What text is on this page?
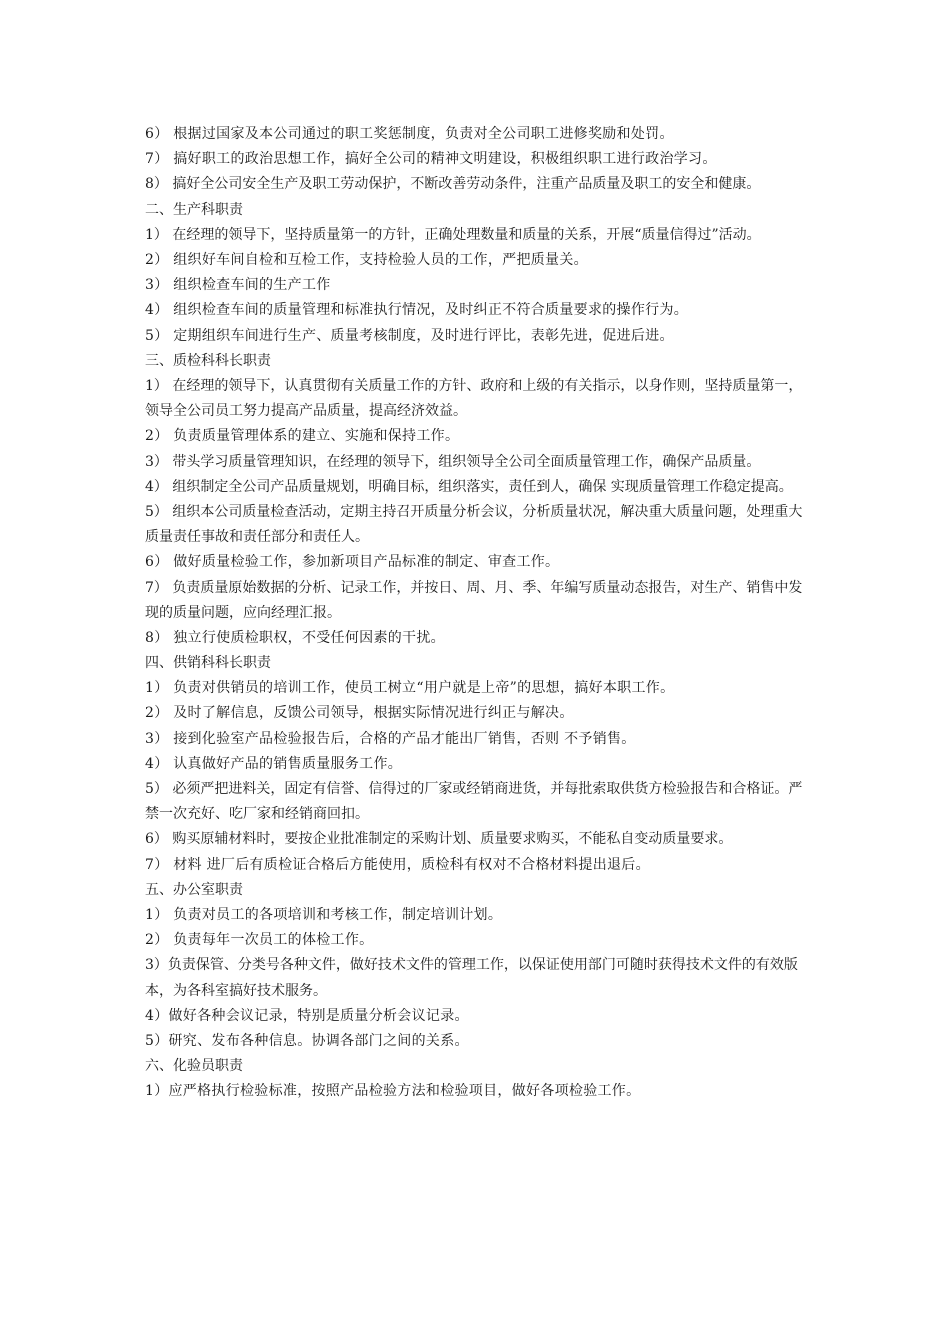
6） 根据过国家及本公司通过的职工奖惩制度，负责对全公司职工进修奖励和处罚。
7） 搞好职工的政治思想工作，搞好全公司的精神文明建设，积极组织职工进行政治学习。
8） 搞好全公司安全生产及职工劳动保护，不断改善劳动条件，注重产品质量及职工的安全和健康。
二、生产科职责
1） 在经理的领导下，坚持质量第一的方针，正确处理数量和质量的关系，开展“质量信得过”活动。
2） 组织好车间自检和互检工作，支持检验人员的工作，严把质量关。
3） 组织检查车间的生产工作
4） 组织检查车间的质量管理和标准执行情况，及时纠正不符合质量要求的操作行为。
5） 定期组织车间进行生产、质量考核制度，及时进行评比，表彰先进，促进后进。
三、质检科科长职责
1） 在经理的领导下，认真贯彻有关质量工作的方针、政府和上级的有关指示，以身作则，坚持质量第一，领导全公司员工努力提高产品质量，提高经济效益。
2） 负责质量管理体系的建立、实施和保持工作。
3） 带头学习质量管理知识，在经理的领导下，组织领导全公司全面质量管理工作，确保产品质量。
4） 组织制定全公司产品质量规划，明确目标，组织落实，责任到人，确保 实现质量管理工作稳定提高。
5） 组织本公司质量检查活动，定期主持召开质量分析会议，分析质量状况，解决重大质量问题，处理重大质量责任事故和责任部分和责任人。
6） 做好质量检验工作，参加新项目产品标准的制定、审查工作。
7） 负责质量原始数据的分析、记录工作，并按日、周、月、季、年编写质量动态报告，对生产、销售中发现的质量问题，应向经理汇报。
8） 独立行使质检职权，不受任何因素的干扰。
四、供销科科长职责
1） 负责对供销员的培训工作，使员工树立“用户就是上帝”的思想，搞好本职工作。
2） 及时了解信息，反馈公司领导，根据实际情况进行纠正与解决。
3） 接到化验室产品检验报告后，合格的产品才能出厂销售，否则 不予销售。
4） 认真做好产品的销售质量服务工作。
5） 必须严把进料关，固定有信誉、信得过的厂家或经销商进货，并每批索取供货方检验报告和合格证。严禁一次充好、吃厂家和经销商回扣。
6） 购买原辅材料时，要按企业批准制定的采购计划、质量要求购买，不能私自变动质量要求。
7） 材料 进厂后有质检证合格后方能使用，质检科有权对不合格材料提出退后。
五、办公室职责
1） 负责对员工的各项培训和考核工作，制定培训计划。
2） 负责每年一次员工的体检工作。
3）负责保管、分类号各种文件，做好技术文件的管理工作，以保证使用部门可随时获得技术文件的有效版本，为各科室搞好技术服务。
4）做好各种会议记录，特别是质量分析会议记录。
5）研究、发布各种信息。协调各部门之间的关系。
六、化验员职责
1）应严格执行检验标准，按照产品检验方法和检验项目，做好各项检验工作。
